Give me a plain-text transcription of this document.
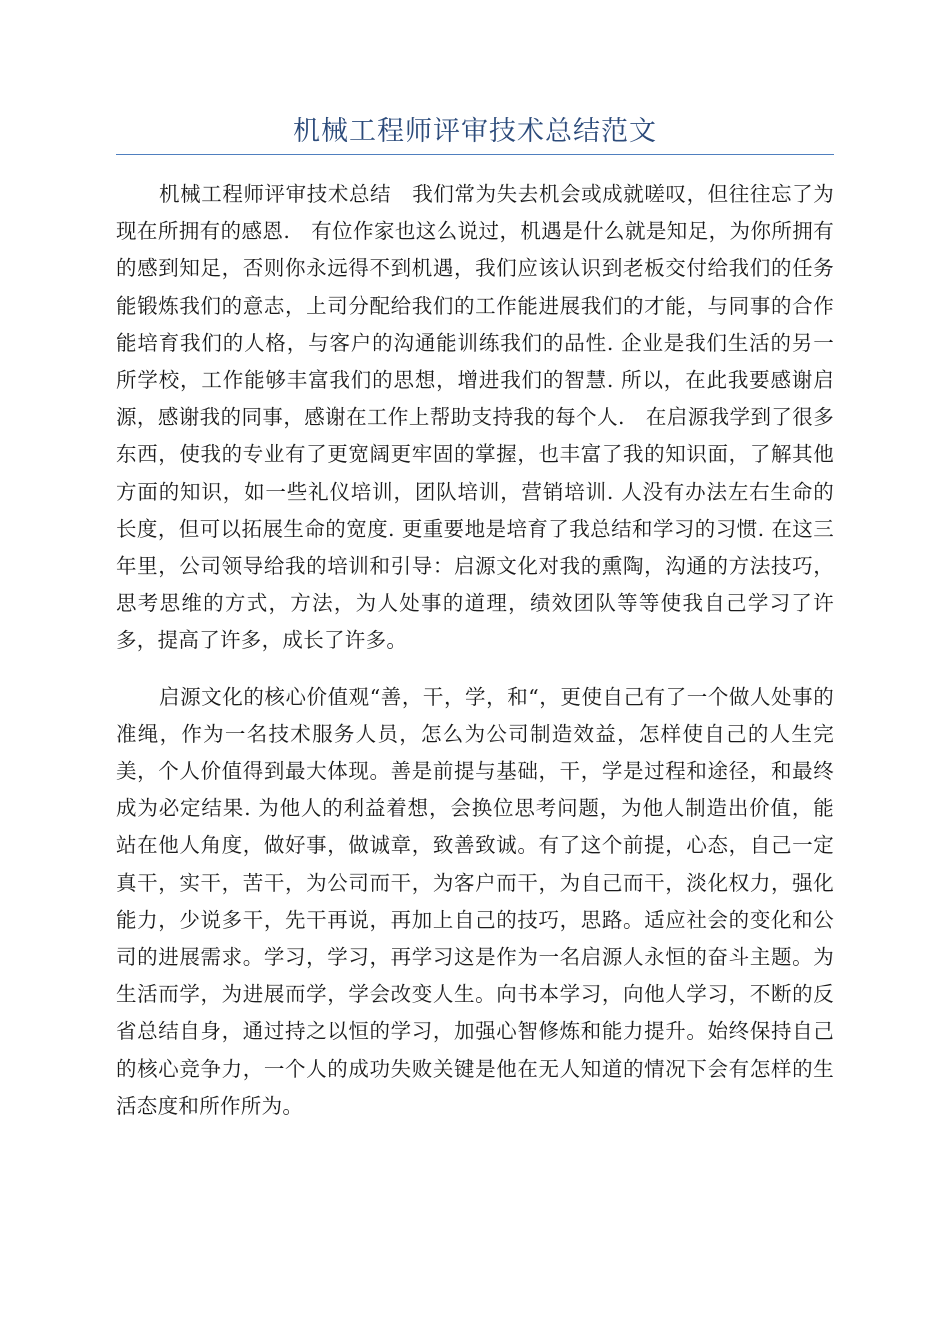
机械工程师评审技术总结范文

机械工程师评审技术总结　我们常为失去机会或成就嗟叹，但往往忘了为现在所拥有的感恩.　有位作家也这么说过，机遇是什么就是知足，为你所拥有的感到知足，否则你永远得不到机遇，我们应该认识到老板交付给我们的任务能锻炼我们的意志，上司分配给我们的工作能进展我们的才能，与同事的合作能培育我们的人格，与客户的沟通能训练我们的品性. 企业是我们生活的另一所学校，工作能够丰富我们的思想，增进我们的智慧. 所以，在此我要感谢启源，感谢我的同事，感谢在工作上帮助支持我的每个人.　在启源我学到了很多东西，使我的专业有了更宽阔更牢固的掌握，也丰富了我的知识面，了解其他方面的知识，如一些礼仪培训，团队培训，营销培训. 人没有办法左右生命的长度，但可以拓展生命的宽度. 更重要地是培育了我总结和学习的习惯. 在这三年里，公司领导给我的培训和引导：启源文化对我的熏陶，沟通的方法技巧，思考思维的方式，方法，为人处事的道理，绩效团队等等使我自己学习了许多，提高了许多，成长了许多。

启源文化的核心价值观“善，干，学，和“，更使自己有了一个做人处事的准绳，作为一名技术服务人员，怎么为公司制造效益，怎样使自己的人生完美，个人价值得到最大体现。善是前提与基础，干，学是过程和途径，和最终成为必定结果. 为他人的利益着想，会换位思考问题，为他人制造出价值，能站在他人角度，做好事，做诚章，致善致诚。有了这个前提，心态，自己一定真干，实干，苦干，为公司而干，为客户而干，为自己而干，淡化权力，强化能力，少说多干，先干再说，再加上自己的技巧，思路。适应社会的变化和公司的进展需求。学习，学习，再学习这是作为一名启源人永恒的奋斗主题。为生活而学，为进展而学，学会改变人生。向书本学习，向他人学习，不断的反省总结自身，通过持之以恒的学习，加强心智修炼和能力提升。始终保持自己的核心竞争力，一个人的成功失败关键是他在无人知道的情况下会有怎样的生活态度和所作所为。
